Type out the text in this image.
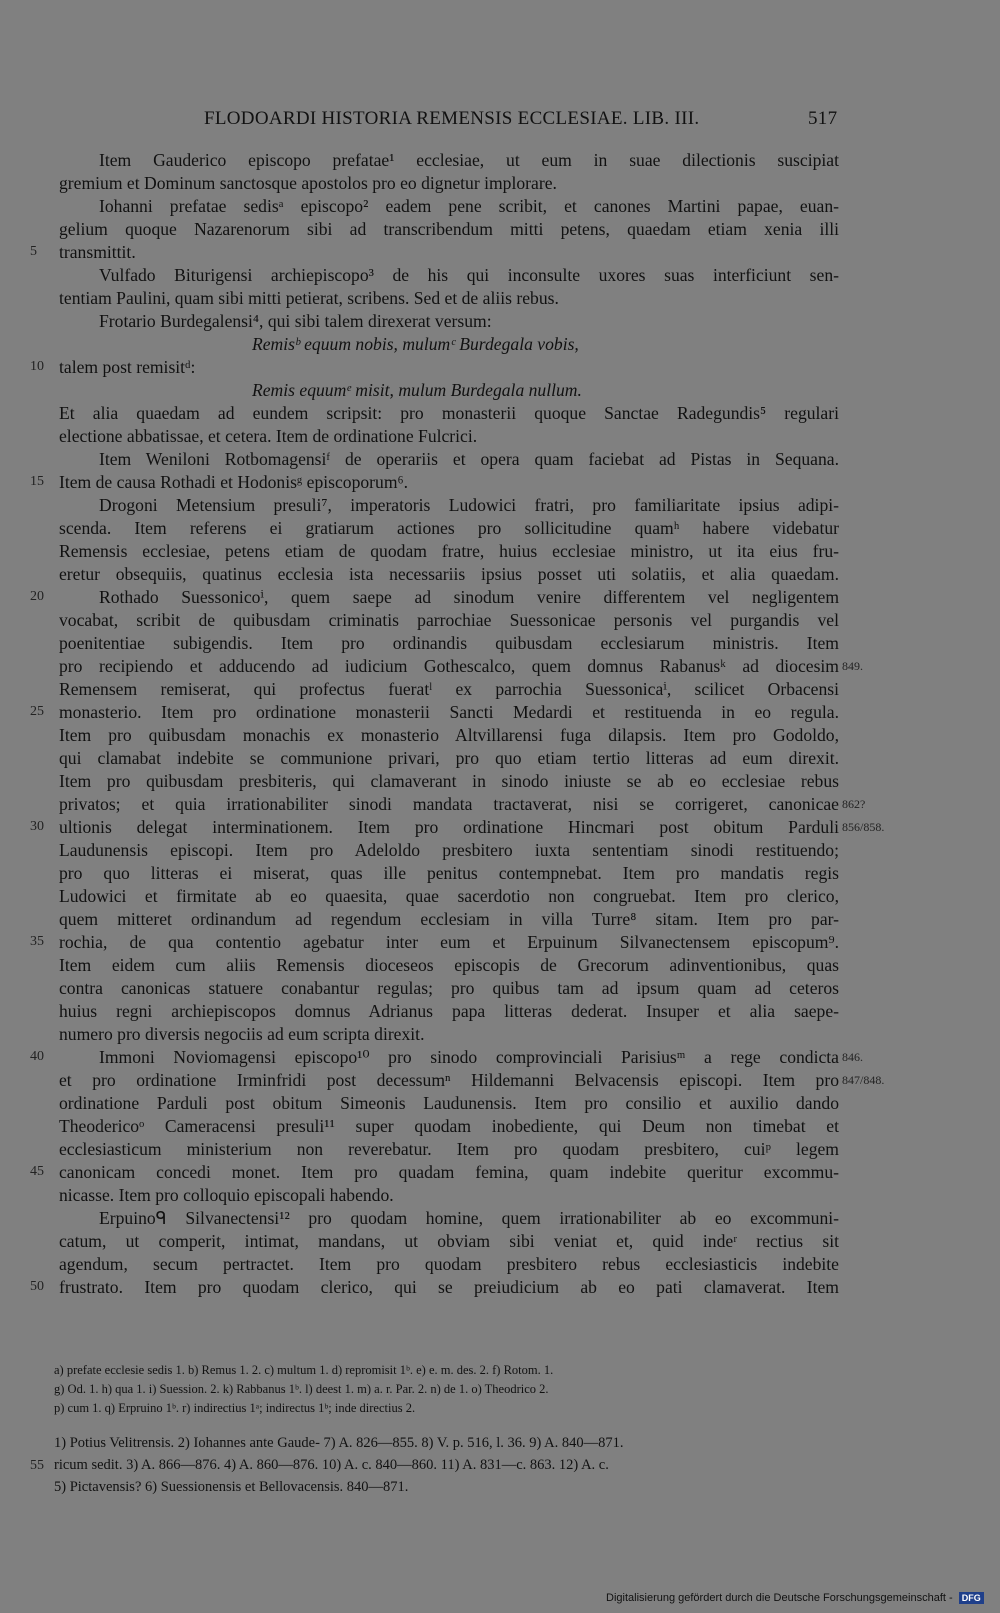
FLODOARDI HISTORIA REMENSIS ECCLESIAE. LIB. III.	517
Item Gauderico episcopo prefatae¹ ecclesiae, ut eum in suae dilectionis suscipiat
gremium et Dominum sanctosque apostolos pro eo dignetur implorare.
Iohanni prefatae sedisᵃ episcopo² eadem pene scribit, et canones Martini papae, euan-
gelium quoque Nazarenorum sibi ad transcribendum mitti petens, quaedam etiam xenia illi
transmittit.
Vulfado Biturigensi archiepiscopo³ de his qui inconsulte uxores suas interficiunt sen-
tentiam Paulini, quam sibi mitti petierat, scribens. Sed et de aliis rebus.
Frotario Burdegalensi⁴, qui sibi talem direxerat versum:
Remisᵇ equum nobis, mulumᶜ Burdegala vobis,
talem post remisitᵈ:
Remis equumᵉ misit, mulum Burdegala nullum.
Et alia quaedam ad eundem scripsit: pro monasterii quoque Sanctae Radegundis⁵ regulari
electione abbatissae, et cetera. Item de ordinatione Fulcrici.
Item Weniloni Rotbomagensiᶠ de operariis et opera quam faciebat ad Pistas in Sequana.
Item de causa Rothadi et Hodonisᵍ episcoporum⁶.
Drogoni Metensium presuli⁷, imperatoris Ludowici fratri, pro familiaritate ipsius adipi-
scenda. Item referens ei gratiarum actiones pro sollicitudine quamʰ habere videbatur
Remensis ecclesiae, petens etiam de quodam fratre, huius ecclesiae ministro, ut ita eius fru-
eretur obsequiis, quatinus ecclesia ista necessariis ipsius posset uti solatiis, et alia quaedam.
Rothado Suessonicoⁱ, quem saepe ad sinodum venire differentem vel negligentem
vocabat, scribit de quibusdam criminatis parrochiae Suessonicae personis vel purgandis vel
poenitentiae subigendis. Item pro ordinandis quibusdam ecclesiarum ministris. Item
pro recipiendo et adducendo ad iudicium Gothescalco, quem domnus Rabanusᵏ ad diocesim
Remensem remiserat, qui profectus fueratˡ ex parrochia Suessonicaⁱ, scilicet Orbacensi
monasterio. Item pro ordinatione monasterii Sancti Medardi et restituenda in eo regula.
Item pro quibusdam monachis ex monasterio Altvillarensi fuga dilapsis. Item pro Godoldo,
qui clamabat indebite se communione privari, pro quo etiam tertio litteras ad eum direxit.
Item pro quibusdam presbiteris, qui clamaverant in sinodo iniuste se ab eo ecclesiae rebus
privatos; et quia irrationabiliter sinodi mandata tractaverat, nisi se corrigeret, canonicae
ultionis delegat interminationem. Item pro ordinatione Hincmari post obitum Parduli
Laudunensis episcopi. Item pro Adeloldo presbitero iuxta sententiam sinodi restituendo;
pro quo litteras ei miserat, quas ille penitus contempnebat. Item pro mandatis regis
Ludowici et firmitate ab eo quaesita, quae sacerdotio non congruebat. Item pro clerico,
quem mitteret ordinandum ad regendum ecclesiam in villa Turre⁸ sitam. Item pro par-
rochia, de qua contentio agebatur inter eum et Erpuinum Silvanectensem episcopum⁹.
Item eidem cum aliis Remensis dioceseos episcopis de Grecorum adinventionibus, quas
contra canonicas statuere conabantur regulas; pro quibus tam ad ipsum quam ad ceteros
huius regni archiepiscopos domnus Adrianus papa litteras dederat. Insuper et alia saepe-
numero pro diversis negociis ad eum scripta direxit.
Immoni Noviomagensi episcopo¹⁰ pro sinodo comprovinciali Parisiusᵐ a rege condicta
et pro ordinatione Irminfridi post decessumⁿ Hildemanni Belvacensis episcopi. Item pro
ordinatione Parduli post obitum Simeonis Laudunensis. Item pro consilio et auxilio dando
Theodericoᵒ Cameracensi presuli¹¹ super quodam inobediente, qui Deum non timebat et
ecclesiasticum ministerium non reverebatur. Item pro quodam presbitero, cuiᵖ legem
canonicam concedi monet. Item pro quadam femina, quam indebite queritur excommu-
nicasse. Item pro colloquio episcopali habendo.
Erpuinoᑫ Silvanectensi¹² pro quodam homine, quem irrationabiliter ab eo excommuni-
catum, ut comperit, intimat, mandans, ut obviam sibi veniat et, quid indeʳ rectius sit
agendum, secum pertractet. Item pro quodam presbitero rebus ecclesiasticis indebite
frustrato. Item pro quodam clerico, qui se preiudicium ab eo pati clamaverat. Item
5
10
15
20
25
30
35
40
45
50
849.
862?
856/858.
846.
847/848.
a) prefate ecclesie sedis 1. b) Remus 1. 2. c) multum 1. d) repromisit 1ᵇ. e) e. m. des. 2. f) Rotom. 1.
g) Od. 1. h) qua 1. i) Suession. 2. k) Rabbanus 1ᵇ. l) deest 1. m) a. r. Par. 2. n) de 1. o) Theodrico 2.
p) cum 1. q) Erpruino 1ᵇ. r) indirectius 1ᵃ; indirectus 1ᵇ; inde directius 2.
1) Potius Velitrensis. 2) Iohannes ante Gaude- 7) A. 826—855. 8) V. p. 516, l. 36. 9) A. 840—871.
ricum sedit. 3) A. 866—876. 4) A. 860—876. 10) A. c. 840—860. 11) A. 831—c. 863. 12) A. c.
5) Pictavensis? 6) Suessionensis et Bellovacensis. 840—871.
55
Digitalisierung gefördert durch die Deutsche Forschungsgemeinschaft - DFG
